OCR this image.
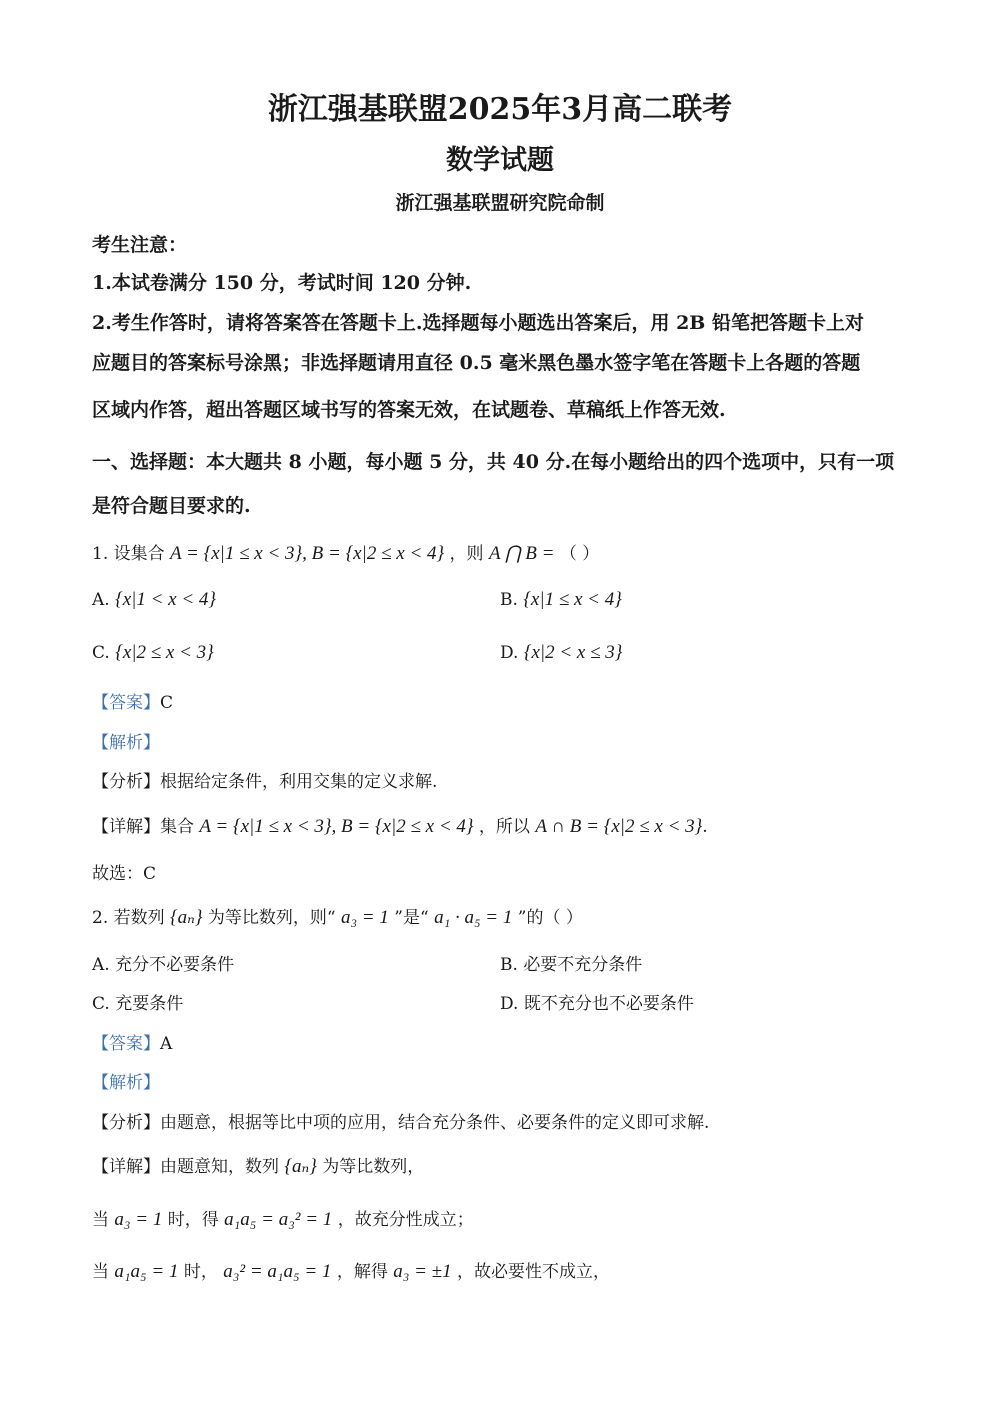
浙江强基联盟2025年3月高二联考
数学试题
浙江强基联盟研究院命制
考生注意：
1.本试卷满分 150 分，考试时间 120 分钟.
2.考生作答时，请将答案答在答题卡上.选择题每小题选出答案后，用 2B 铅笔把答题卡上对
应题目的答案标号涂黑；非选择题请用直径 0.5 毫米黑色墨水签字笔在答题卡上各题的答题
区域内作答，超出答题区域书写的答案无效，在试题卷、草稿纸上作答无效.
一、选择题：本大题共 8 小题，每小题 5 分，共 40 分.在每小题给出的四个选项中，只有一项
是符合题目要求的.
1. 设集合 A = {x|1 ≤ x < 3}, B = {x|2 ≤ x < 4} ，则 A ⋂ B = （ ）
A. {x|1 < x < 4}	B. {x|1 ≤ x < 4}
C. {x|2 ≤ x < 3}	D. {x|2 < x ≤ 3}
【答案】C
【解析】
【分析】根据给定条件，利用交集的定义求解.
【详解】集合 A = {x|1 ≤ x < 3}, B = {x|2 ≤ x < 4} ，所以 A ∩ B = {x|2 ≤ x < 3}.
故选：C
2. 若数列 {aₙ} 为等比数列，则“ a₃ = 1 ”是“ a₁ · a₅ = 1 ”的（ ）
A. 充分不必要条件	B. 必要不充分条件
C. 充要条件	D. 既不充分也不必要条件
【答案】A
【解析】
【分析】由题意，根据等比中项的应用，结合充分条件、必要条件的定义即可求解.
【详解】由题意知，数列 {aₙ} 为等比数列，
当 a₃ = 1 时，得 a₁a₅ = a₃² = 1 ，故充分性成立；
当 a₁a₅ = 1 时， a₃² = a₁a₅ = 1 ，解得 a₃ = ±1 ，故必要性不成立，
